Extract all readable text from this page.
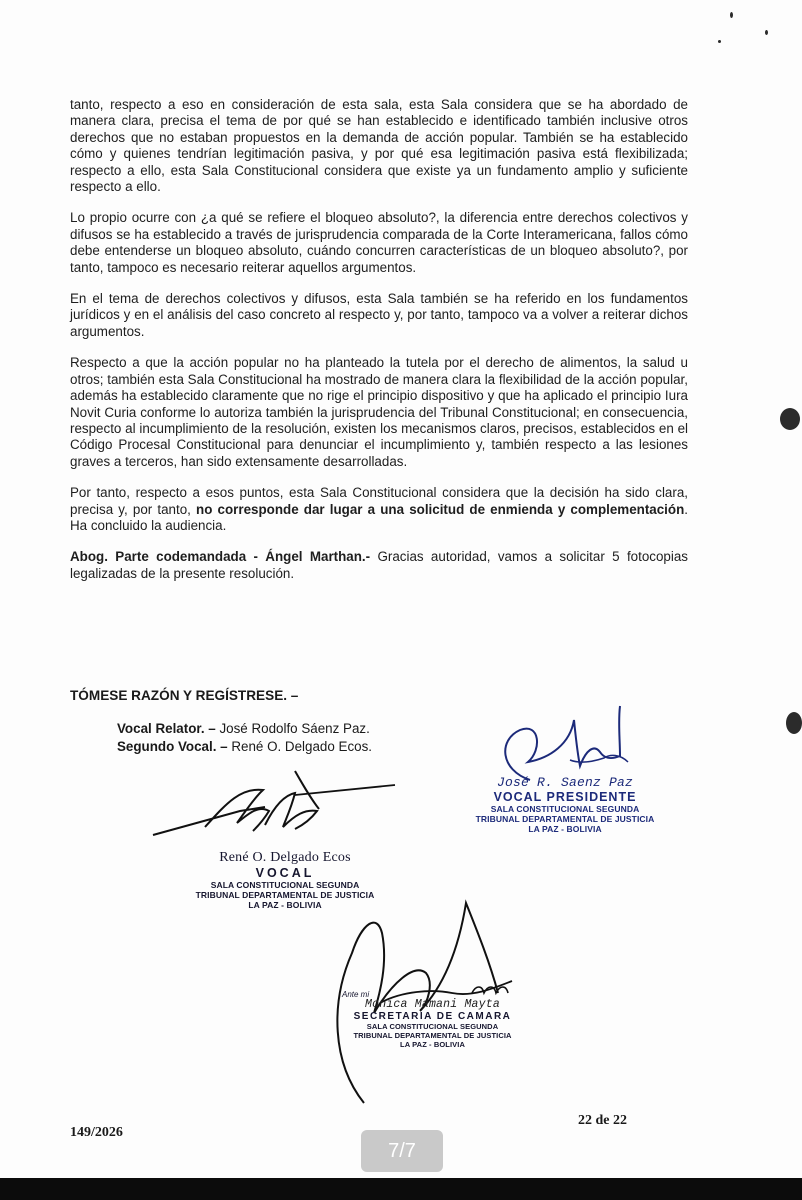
tanto, respecto a eso en consideración de esta sala, esta Sala considera que se ha abordado de manera clara, precisa el tema de por qué se han establecido e identificado también inclusive otros derechos que no estaban propuestos en la demanda de acción popular. También se ha establecido cómo y quienes tendrían legitimación pasiva, y por qué esa legitimación pasiva está flexibilizada; respecto a ello, esta Sala Constitucional considera que existe ya un fundamento amplio y suficiente respecto a ello.

Lo propio ocurre con ¿a qué se refiere el bloqueo absoluto?, la diferencia entre derechos colectivos y difusos se ha establecido a través de jurisprudencia comparada de la Corte Interamericana, fallos cómo debe entenderse un bloqueo absoluto, cuándo concurren características de un bloqueo absoluto?, por tanto, tampoco es necesario reiterar aquellos argumentos.

En el tema de derechos colectivos y difusos, esta Sala también se ha referido en los fundamentos jurídicos y en el análisis del caso concreto al respecto y, por tanto, tampoco va a volver a reiterar dichos argumentos.

Respecto a que la acción popular no ha planteado la tutela por el derecho de alimentos, la salud u otros; también esta Sala Constitucional ha mostrado de manera clara la flexibilidad de la acción popular, además ha establecido claramente que no rige el principio dispositivo y que ha aplicado el principio Iura Novit Curia conforme lo autoriza también la jurisprudencia del Tribunal Constitucional; en consecuencia, respecto al incumplimiento de la resolución, existen los mecanismos claros, precisos, establecidos en el Código Procesal Constitucional para denunciar el incumplimiento y, también respecto a las lesiones graves a terceros, han sido extensamente desarrolladas.

Por tanto, respecto a esos puntos, esta Sala Constitucional considera que la decisión ha sido clara, precisa y, por tanto, no corresponde dar lugar a una solicitud de enmienda y complementación. Ha concluido la audiencia.

Abog. Parte codemandada - Ángel Marthan.- Gracias autoridad, vamos a solicitar 5 fotocopias legalizadas de la presente resolución.

TÓMESE RAZÓN Y REGÍSTRESE. –
Vocal Relator. – José Rodolfo Sáenz Paz.
Segundo Vocal. – René O. Delgado Ecos.
René O. Delgado Ecos
VOCAL
SALA CONSTITUCIONAL SEGUNDA
TRIBUNAL DEPARTAMENTAL DE JUSTICIA
LA PAZ - BOLIVIA
José R. Saenz Paz
VOCAL PRESIDENTE
SALA CONSTITUCIONAL SEGUNDA
TRIBUNAL DEPARTAMENTAL DE JUSTICIA
LA PAZ - BOLIVIA
Ante mi
Monica Mamani Mayta
SECRETARIA DE CAMARA
SALA CONSTITUCIONAL SEGUNDA
TRIBUNAL DEPARTAMENTAL DE JUSTICIA
LA PAZ - BOLIVIA
149/2026
22 de 22
7/7
